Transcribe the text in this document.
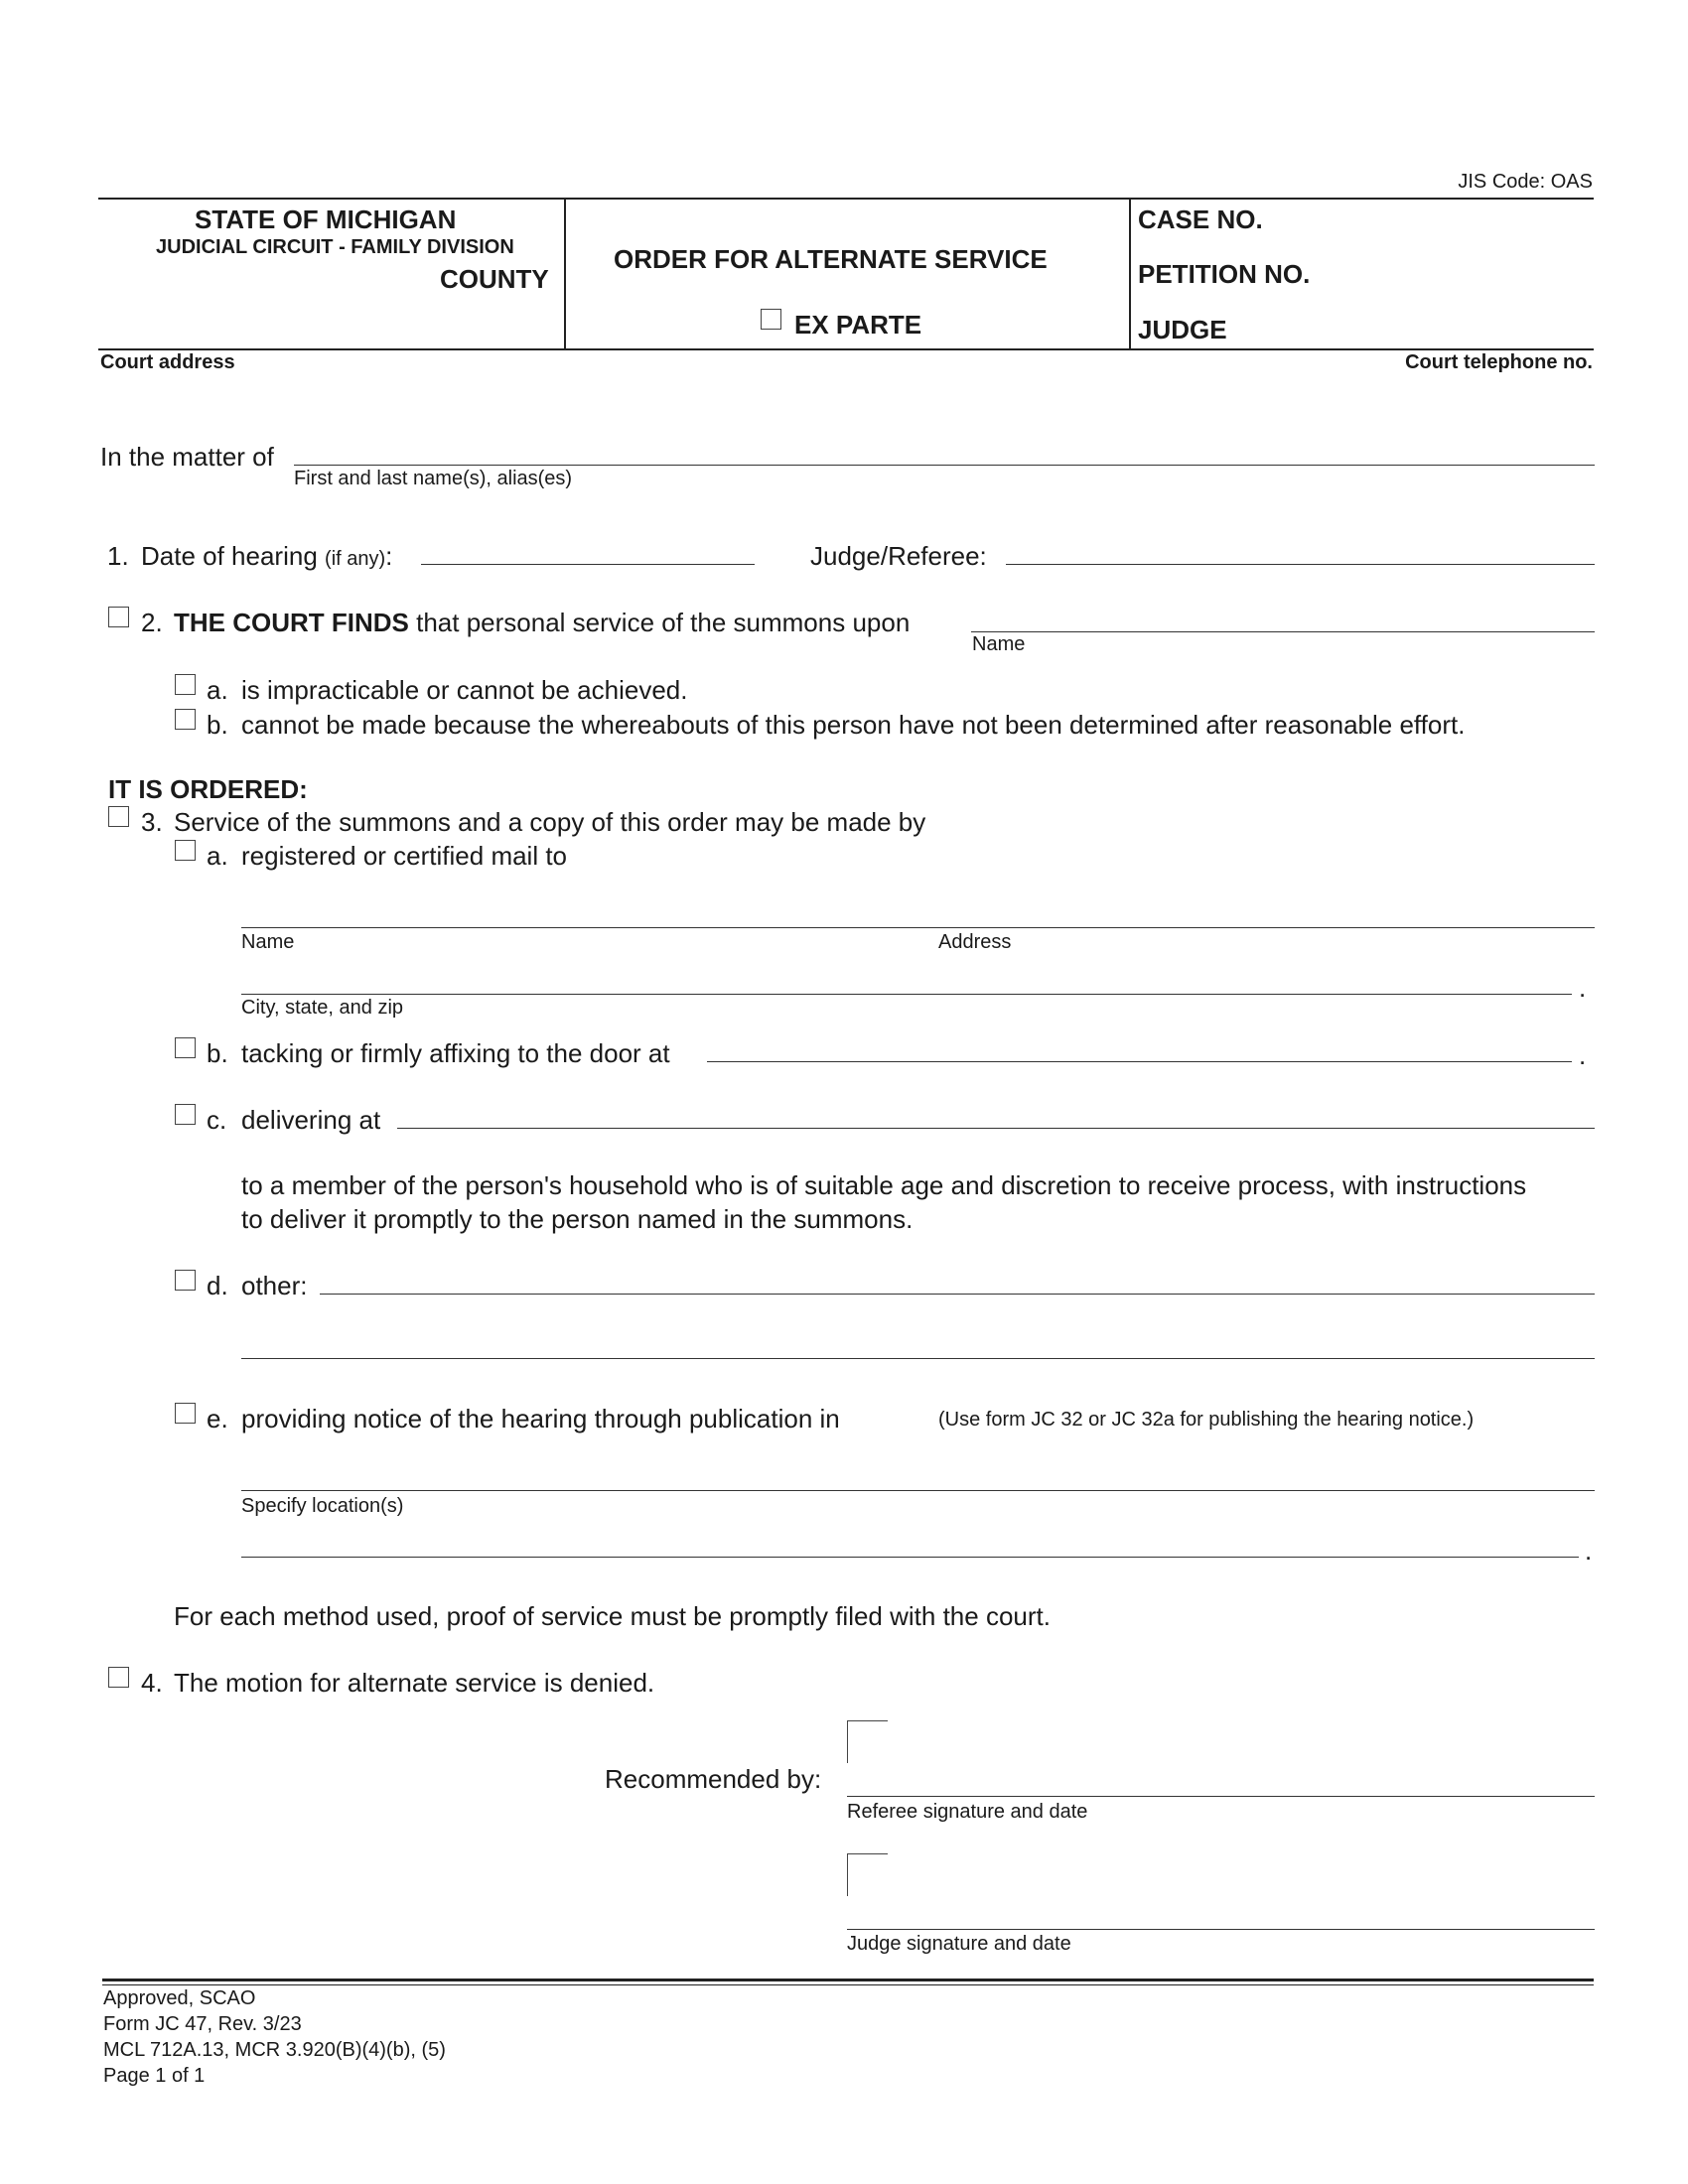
JIS Code: OAS
STATE OF MICHIGAN
JUDICIAL CIRCUIT - FAMILY DIVISION
COUNTY
ORDER FOR ALTERNATE SERVICE
EX PARTE
CASE NO.
PETITION NO.
JUDGE
Court address	Court telephone no.
In the matter of
First and last name(s), alias(es)
1. Date of hearing (if any):	Judge/Referee:
2. THE COURT FINDS that personal service of the summons upon
Name
a. is impracticable or cannot be achieved.
b. cannot be made because the whereabouts of this person have not been determined after reasonable effort.
IT IS ORDERED:
3. Service of the summons and a copy of this order may be made by
a. registered or certified mail to
Name	Address
.
City, state, and zip
b. tacking or firmly affixing to the door at	.
c. delivering at
to a member of the person's household who is of suitable age and discretion to receive process, with instructions
to deliver it promptly to the person named in the summons.
d. other:
e. providing notice of the hearing through publication in	(Use form JC 32 or JC 32a for publishing the hearing notice.)
Specify location(s)
.
For each method used, proof of service must be promptly filed with the court.
4. The motion for alternate service is denied.
Recommended by:
Referee signature and date
Judge signature and date
Approved, SCAO
Form JC 47, Rev. 3/23
MCL 712A.13, MCR 3.920(B)(4)(b), (5)
Page 1 of 1
